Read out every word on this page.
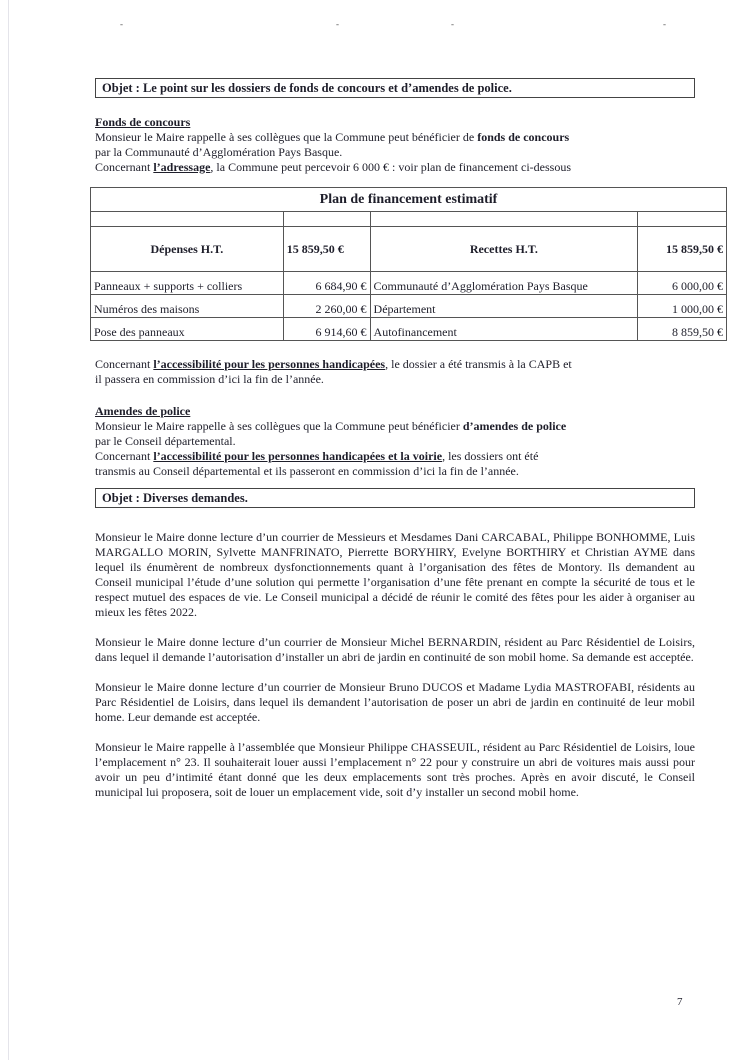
-	-	-	-
Objet : Le point sur les dossiers de fonds de concours et d’amendes de police.
Fonds de concours

Monsieur le Maire rappelle à ses collègues que la Commune peut bénéficier de fonds de concours

par la Communauté d’Agglomération Pays Basque.

Concernant l’adressage, la Commune peut percevoir 6 000 € : voir plan de financement ci-dessous

Plan de financement estimatif			

Dépenses H.T.	15 859,50 €	Recettes H.T.	15 859,50 €
Panneaux + supports + colliers	6 684,90 €	Communauté d’Agglomération Pays Basque	6 000,00 €
Numéros des maisons	2 260,00 €	Département	1 000,00 €
Pose des panneaux	6 914,60 €	Autofinancement	8 859,50 €

Concernant l’accessibilité pour les personnes handicapées, le dossier a été transmis à la CAPB et

il passera en commission d’ici la fin de l’année.

Amendes de police

Monsieur le Maire rappelle à ses collègues que la Commune peut bénéficier d’amendes de police

par le Conseil départemental.

Concernant l’accessibilité pour les personnes handicapées et la voirie, les dossiers ont été

transmis au Conseil départemental et ils passeront en commission d’ici la fin de l’année.

Objet : Diverses demandes.

Monsieur le Maire donne lecture d’un courrier de Messieurs et Mesdames Dani CARCABAL, Philippe BONHOMME, Luis MARGALLO MORIN, Sylvette MANFRINATO, Pierrette BORYHIRY, Evelyne BORTHIRY et Christian AYME dans lequel ils énumèrent de nombreux dysfonctionnements quant à l’organisation des fêtes de Montory. Ils demandent au Conseil municipal l’étude d’une solution qui permette l’organisation d’une fête prenant en compte la sécurité de tous et le respect mutuel des espaces de vie. Le Conseil municipal a décidé de réunir le comité des fêtes pour les aider à organiser au mieux les fêtes 2022.

Monsieur le Maire donne lecture d’un courrier de Monsieur Michel BERNARDIN, résident au Parc Résidentiel de Loisirs, dans lequel il demande l’autorisation d’installer un abri de jardin en continuité de son mobil home. Sa demande est acceptée.

Monsieur le Maire donne lecture d’un courrier de Monsieur Bruno DUCOS et Madame Lydia MASTROFABI, résidents au Parc Résidentiel de Loisirs, dans lequel ils demandent l’autorisation de poser un abri de jardin en continuité de leur mobil home. Leur demande est acceptée.

Monsieur le Maire rappelle à l’assemblée que Monsieur Philippe CHASSEUIL, résident au Parc Résidentiel de Loisirs, loue l’emplacement n° 23. Il souhaiterait louer aussi l’emplacement n° 22 pour y construire un abri de voitures mais aussi pour avoir un peu d’intimité étant donné que les deux emplacements sont très proches. Après en avoir discuté, le Conseil municipal lui proposera, soit de louer un emplacement vide, soit d’y installer un second mobil home.

7
